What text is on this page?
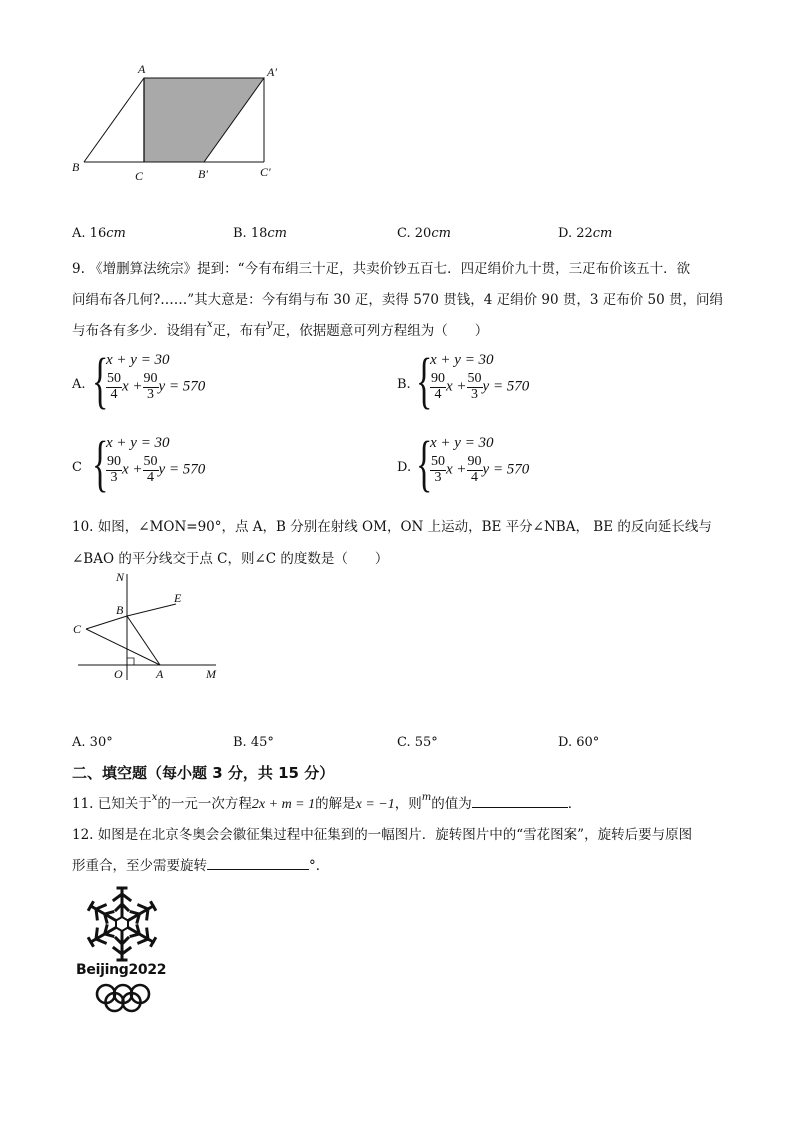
A	A′
B
C	B′	C′
A. 16cm	B. 18cm	C. 20cm	D. 22cm
9. 《增删算法统宗》提到：“今有布绢三十疋，共卖价钞五百七．四疋绢价九十贯，三疋布价该五十．欲
问绢布各几何?……”其大意是：今有绢与布 30 疋，卖得 570 贯钱，4 疋绢价 90 贯，3 疋布价 50 贯，问绢
与布各有多少．设绢有$^x$疋，布有$^y$疋，依据题意可列方程组为（　　）
A. {
x + y = 30
$\frac{50}{4}$ $x + \frac{90}{3}$ y = 570	B. {
x + y = 30
$\frac{90}{4}$ $x + \frac{50}{3}$ y = 570
C {
x + y = 30
$\frac{90}{3}$ $x + \frac{50}{4}$ y = 570	D. {
x + y = 30
$\frac{50}{3}$ $x + \frac{90}{4}$ y = 570
10. 如图，∠MON=90°，点 A，B 分别在射线 OM，ON 上运动，BE 平分∠NBA， BE 的反向延长线与
∠BAO 的平分线交于点 C，则∠C 的度数是（　　）
N
E
B
C
O	A	M
A. 30°	B. 45°	C. 55°	D. 60°
二、填空题（每小题 3 分，共 15 分）
11. 已知关于$^x$的一元一次方程2x + m = 1的解是x = −1，则$^m$的值为	．
12. 如图是在北京冬奥会会徽征集过程中征集到的一幅图片．旋转图片中的“雪花图案”，旋转后要与原图
形重合，至少需要旋转	°．
Beijing2022
